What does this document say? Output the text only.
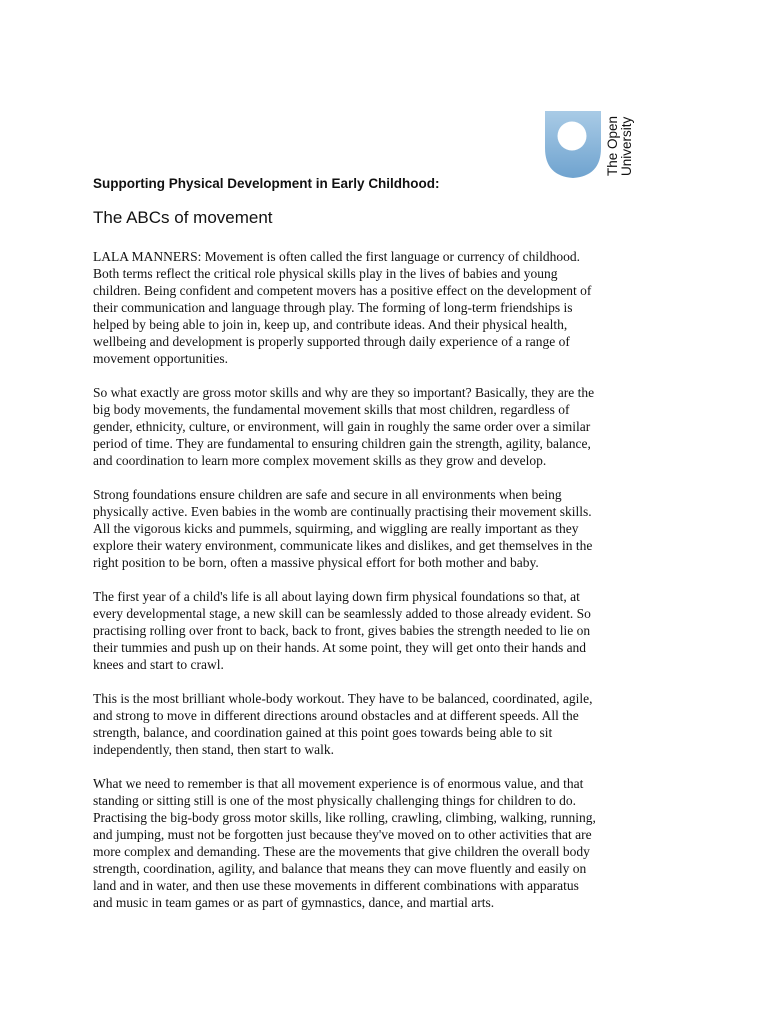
The Open University
Supporting Physical Development in Early Childhood:
The ABCs of movement

LALA MANNERS: Movement is often called the first language or currency of childhood.
Both terms reflect the critical role physical skills play in the lives of babies and young
children. Being confident and competent movers has a positive effect on the development of
their communication and language through play. The forming of long-term friendships is
helped by being able to join in, keep up, and contribute ideas. And their physical health,
wellbeing and development is properly supported through daily experience of a range of
movement opportunities.

So what exactly are gross motor skills and why are they so important? Basically, they are the
big body movements, the fundamental movement skills that most children, regardless of
gender, ethnicity, culture, or environment, will gain in roughly the same order over a similar
period of time. They are fundamental to ensuring children gain the strength, agility, balance,
and coordination to learn more complex movement skills as they grow and develop.

Strong foundations ensure children are safe and secure in all environments when being
physically active. Even babies in the womb are continually practising their movement skills.
All the vigorous kicks and pummels, squirming, and wiggling are really important as they
explore their watery environment, communicate likes and dislikes, and get themselves in the
right position to be born, often a massive physical effort for both mother and baby.

The first year of a child's life is all about laying down firm physical foundations so that, at
every developmental stage, a new skill can be seamlessly added to those already evident. So
practising rolling over front to back, back to front, gives babies the strength needed to lie on
their tummies and push up on their hands. At some point, they will get onto their hands and
knees and start to crawl.

This is the most brilliant whole-body workout. They have to be balanced, coordinated, agile,
and strong to move in different directions around obstacles and at different speeds. All the
strength, balance, and coordination gained at this point goes towards being able to sit
independently, then stand, then start to walk.

What we need to remember is that all movement experience is of enormous value, and that
standing or sitting still is one of the most physically challenging things for children to do.
Practising the big-body gross motor skills, like rolling, crawling, climbing, walking, running,
and jumping, must not be forgotten just because they've moved on to other activities that are
more complex and demanding. These are the movements that give children the overall body
strength, coordination, agility, and balance that means they can move fluently and easily on
land and in water, and then use these movements in different combinations with apparatus
and music in team games or as part of gymnastics, dance, and martial arts.
